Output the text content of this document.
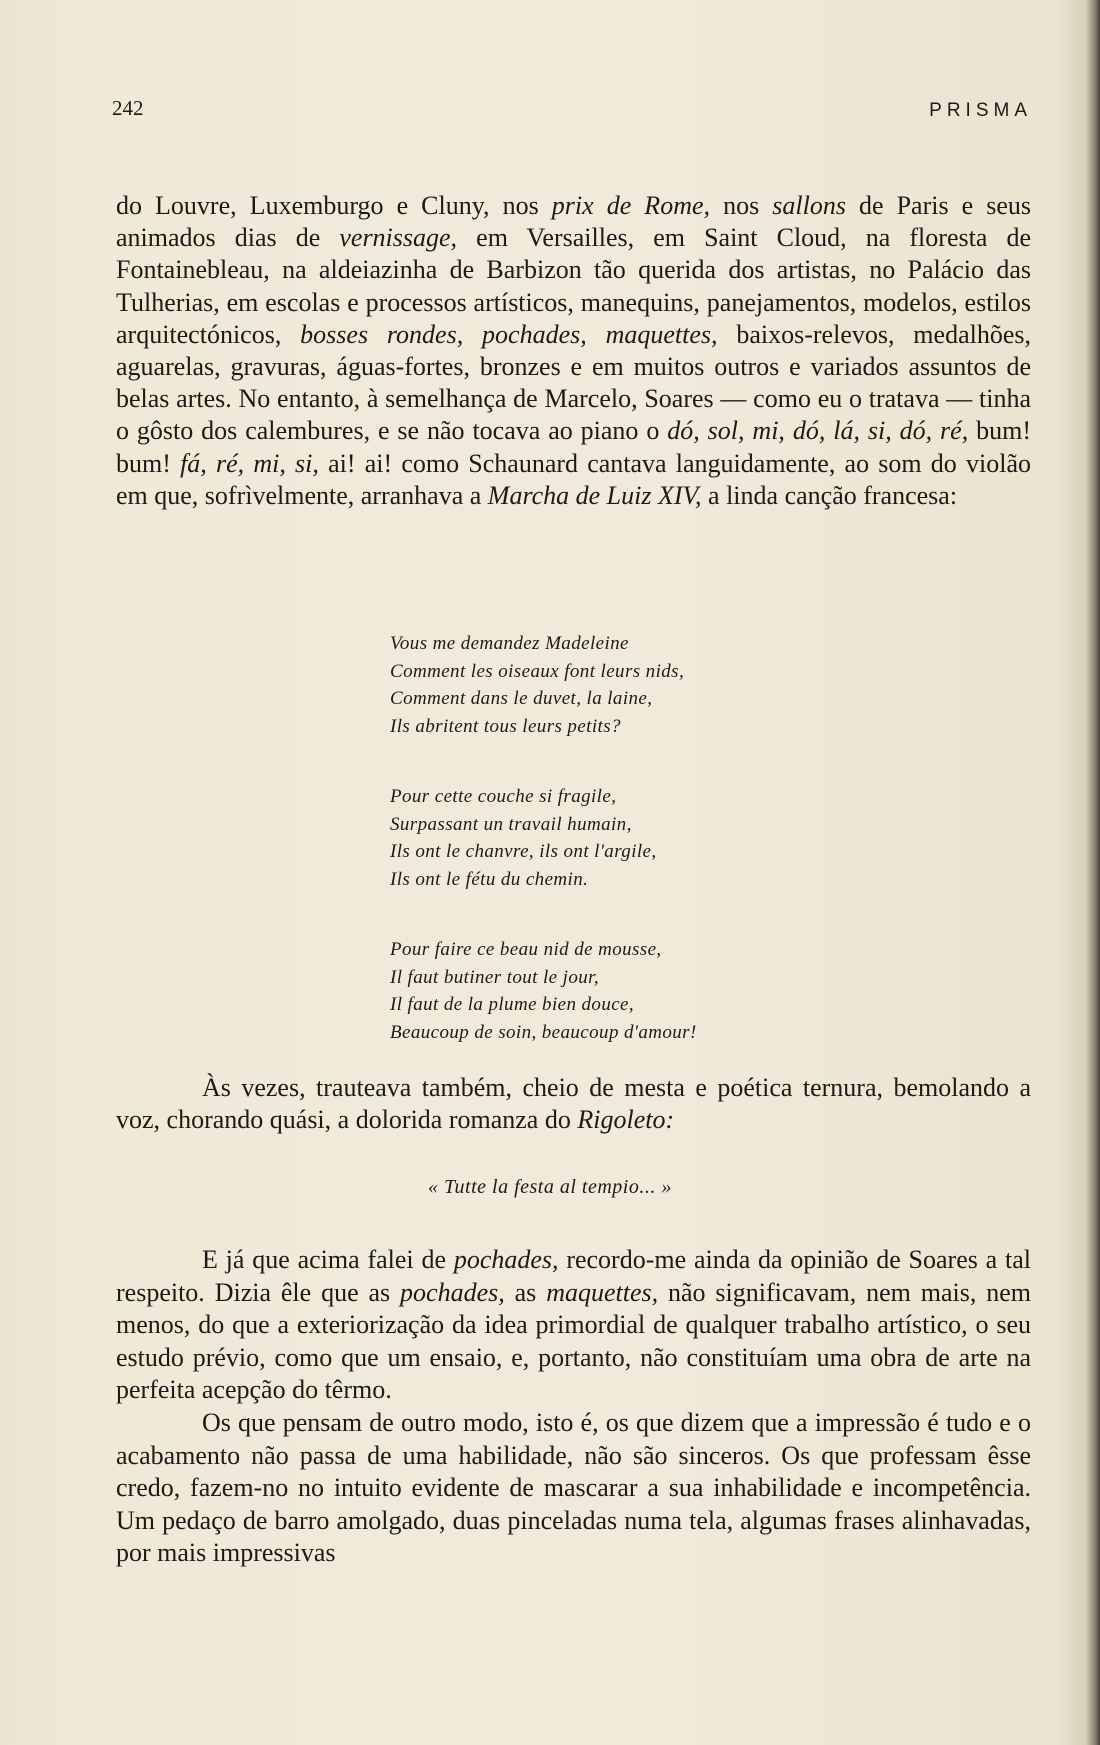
242	PRISMA

do Louvre, Luxemburgo e Cluny, nos prix de Rome, nos sallons de Paris e seus animados dias de vernissage, em Versailles, em Saint Cloud, na floresta de Fontainebleau, na aldeiazinha de Barbizon tão querida dos artistas, no Palácio das Tulherias, em escolas e processos artísticos, manequins, panejamentos, modelos, estilos arquitectónicos, bosses rondes, pochades, maquettes, baixos-relevos, medalhões, aguarelas, gravuras, águas-fortes, bronzes e em muitos outros e variados assuntos de belas artes. No entanto, à semelhança de Marcelo, Soares — como eu o tratava — tinha o gôsto dos calembures, e se não tocava ao piano o dó, sol, mi, dó, lá, si, dó, ré, bum! bum! fá, ré, mi, si, ai! ai! como Schaunard cantava languidamente, ao som do violão em que, sofrìvelmente, arranhava a Marcha de Luiz XIV, a linda canção francesa:

Vous me demandez Madeleine
Comment les oiseaux font leurs nids,
Comment dans le duvet, la laine,
Ils abritent tous leurs petits?
Pour cette couche si fragile,
Surpassant un travail humain,
Ils ont le chanvre, ils ont l'argile,
Ils ont le fétu du chemin.
Pour faire ce beau nid de mousse,
Il faut butiner tout le jour,
Il faut de la plume bien douce,
Beaucoup de soin, beaucoup d'amour!

Às vezes, trauteava também, cheio de mesta e poética ternura, bemolando a voz, chorando quási, a dolorida romanza do Rigoleto:

« Tutte la festa al tempio... »

E já que acima falei de pochades, recordo-me ainda da opinião de Soares a tal respeito. Dizia êle que as pochades, as maquettes, não significavam, nem mais, nem menos, do que a exteriorização da idea primordial de qualquer trabalho artístico, o seu estudo prévio, como que um ensaio, e, portanto, não constituíam uma obra de arte na perfeita acepção do têrmo.

Os que pensam de outro modo, isto é, os que dizem que a impressão é tudo e o acabamento não passa de uma habilidade, não são sinceros. Os que professam êsse credo, fazem-no no intuito evidente de mascarar a sua inhabilidade e incompetência. Um pedaço de barro amolgado, duas pinceladas numa tela, algumas frases alinhavadas, por mais impressivas
